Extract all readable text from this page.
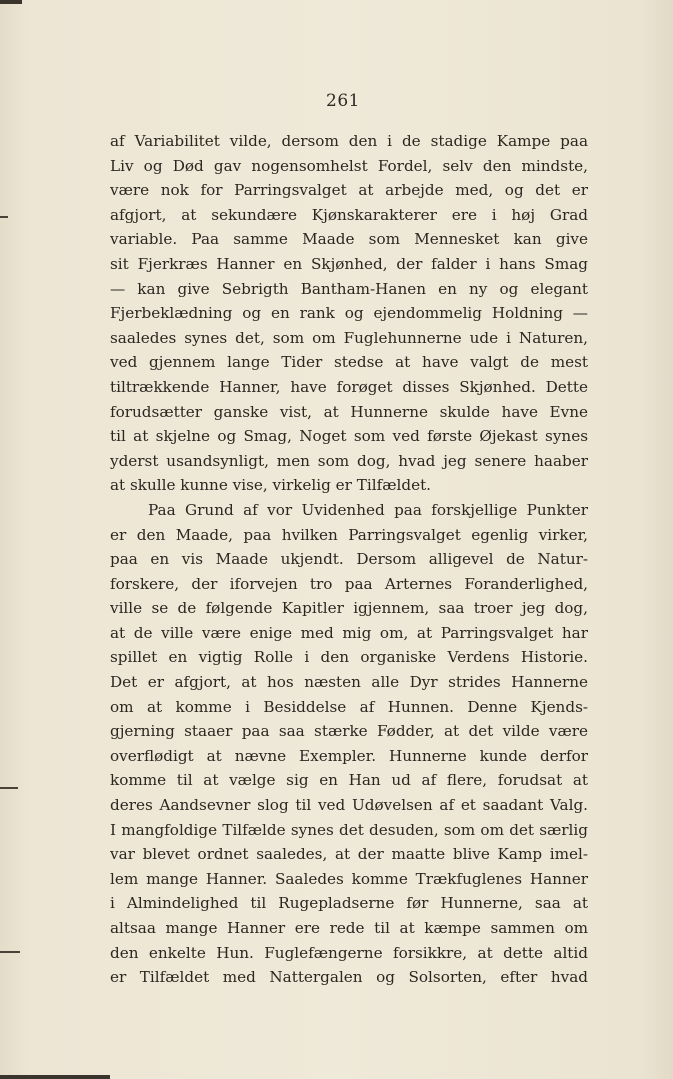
261
af Variabilitet vilde, dersom den i de stadige Kampe paa
Liv og Død gav nogensomhelst Fordel, selv den mindste,
være nok for Parringsvalget at arbejde med, og det er
afgjort, at sekundære Kjønskarakterer ere i høj Grad
variable. Paa samme Maade som Mennesket kan give
sit Fjerkræs Hanner en Skjønhed, der falder i hans Smag
— kan give Sebrigth Bantham-Hanen en ny og elegant
Fjerbeklædning og en rank og ejendommelig Holdning —
saaledes synes det, som om Fuglehunnerne ude i Naturen,
ved gjennem lange Tider stedse at have valgt de mest
tiltrækkende Hanner, have forøget disses Skjønhed. Dette
forudsætter ganske vist, at Hunnerne skulde have Evne
til at skjelne og Smag, Noget som ved første Øjekast synes
yderst usandsynligt, men som dog, hvad jeg senere haaber
at skulle kunne vise, virkelig er Tilfældet.
Paa Grund af vor Uvidenhed paa forskjellige Punkter
er den Maade, paa hvilken Parringsvalget egenlig virker,
paa en vis Maade ukjendt. Dersom alligevel de Natur-
forskere, der iforvejen tro paa Arternes Foranderlighed,
ville se de følgende Kapitler igjennem, saa troer jeg dog,
at de ville være enige med mig om, at Parringsvalget har
spillet en vigtig Rolle i den organiske Verdens Historie.
Det er afgjort, at hos næsten alle Dyr strides Hannerne
om at komme i Besiddelse af Hunnen. Denne Kjends-
gjerning staaer paa saa stærke Fødder, at det vilde være
overflødigt at nævne Exempler. Hunnerne kunde derfor
komme til at vælge sig en Han ud af flere, forudsat at
deres Aandsevner slog til ved Udøvelsen af et saadant Valg.
I mangfoldige Tilfælde synes det desuden, som om det særlig
var blevet ordnet saaledes, at der maatte blive Kamp imel-
lem mange Hanner. Saaledes komme Trækfuglenes Hanner
i Almindelighed til Rugepladserne før Hunnerne, saa at
altsaa mange Hanner ere rede til at kæmpe sammen om
den enkelte Hun. Fuglefængerne forsikkre, at dette altid
er Tilfældet med Nattergalen og Solsorten, efter hvad
